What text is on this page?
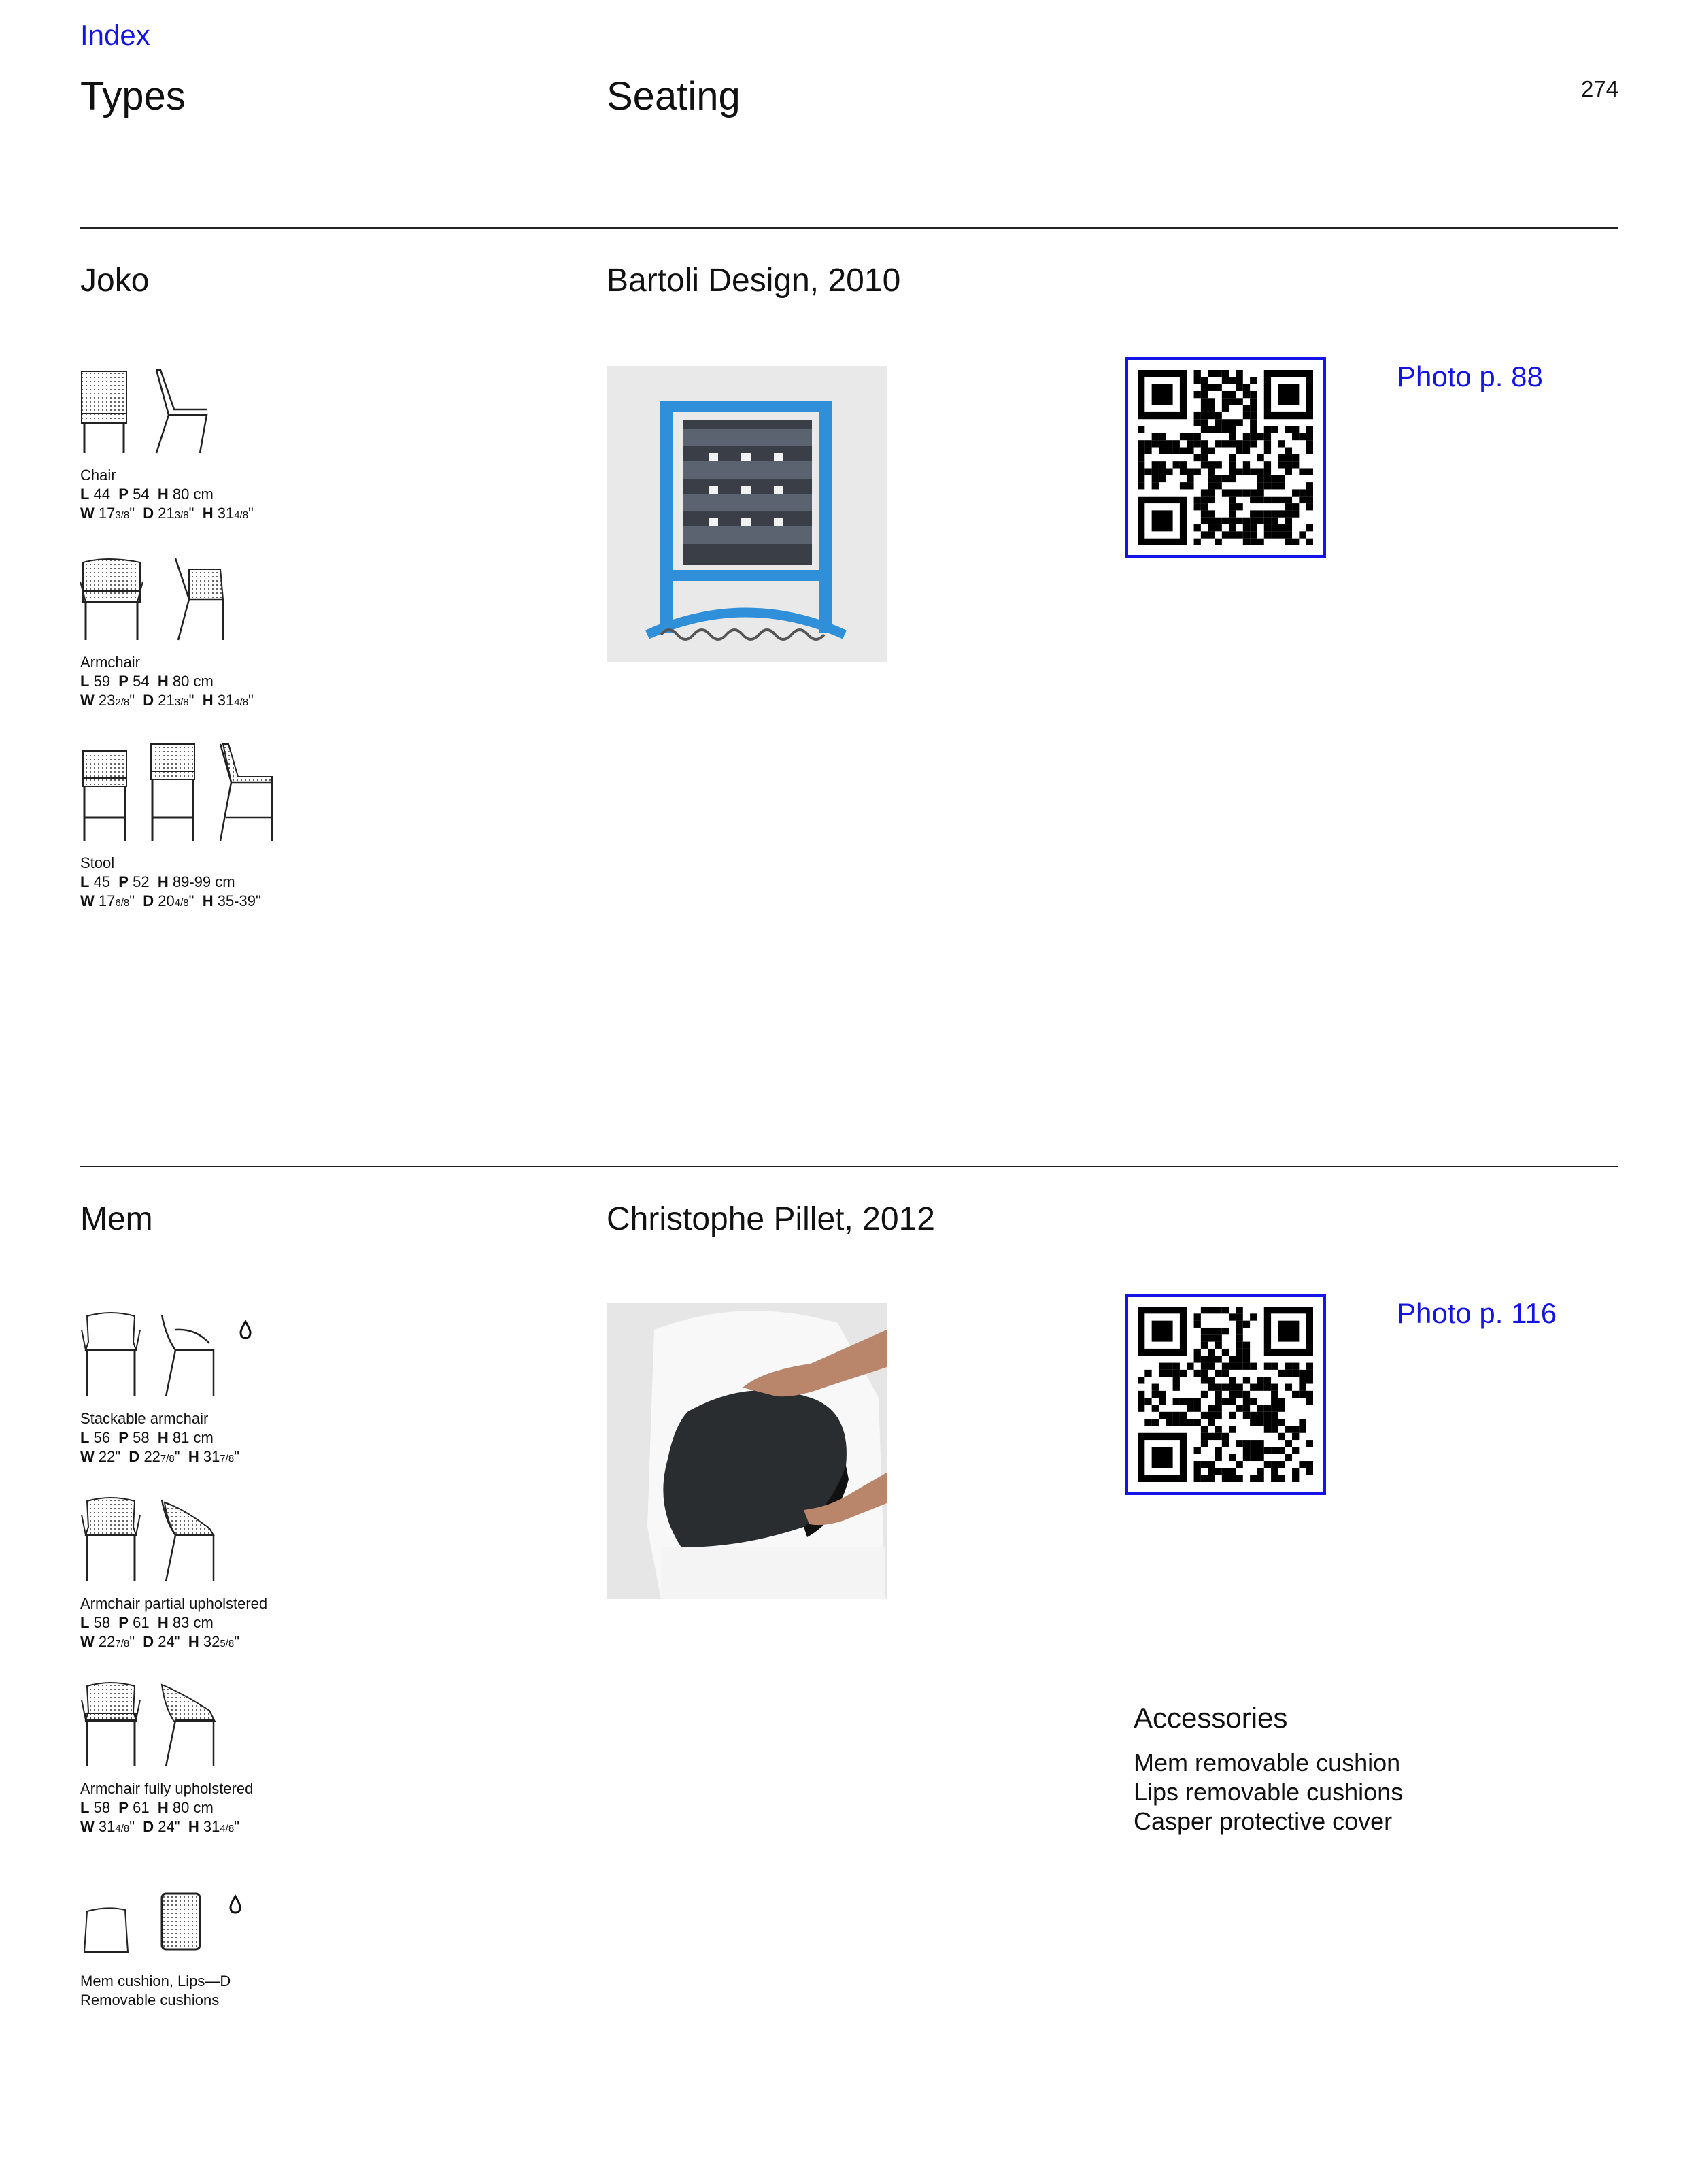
Index
Types	Seating	274
Joko	Bartoli Design, 2010
Photo p. 88
Chair
L 44 P 54 H 80 cm
W 173/8" D 213/8" H 314/8"
Armchair
L 59 P 54 H 80 cm
W 232/8" D 213/8" H 314/8"
Stool
L 45 P 52 H 89-99 cm
W 176/8" D 204/8" H 35-39"
Mem	Christophe Pillet, 2012
Photo p. 116
Stackable armchair
L 56 P 58 H 81 cm
W 22" D 227/8" H 317/8"
Armchair partial upholstered
L 58 P 61 H 83 cm
W 227/8" D 24" H 325/8"
Armchair fully upholstered
L 58 P 61 H 80 cm
W 314/8" D 24" H 314/8"
Mem cushion, Lips—D
Removable cushions
Accessories
Mem removable cushion
Lips removable cushions
Casper protective cover
